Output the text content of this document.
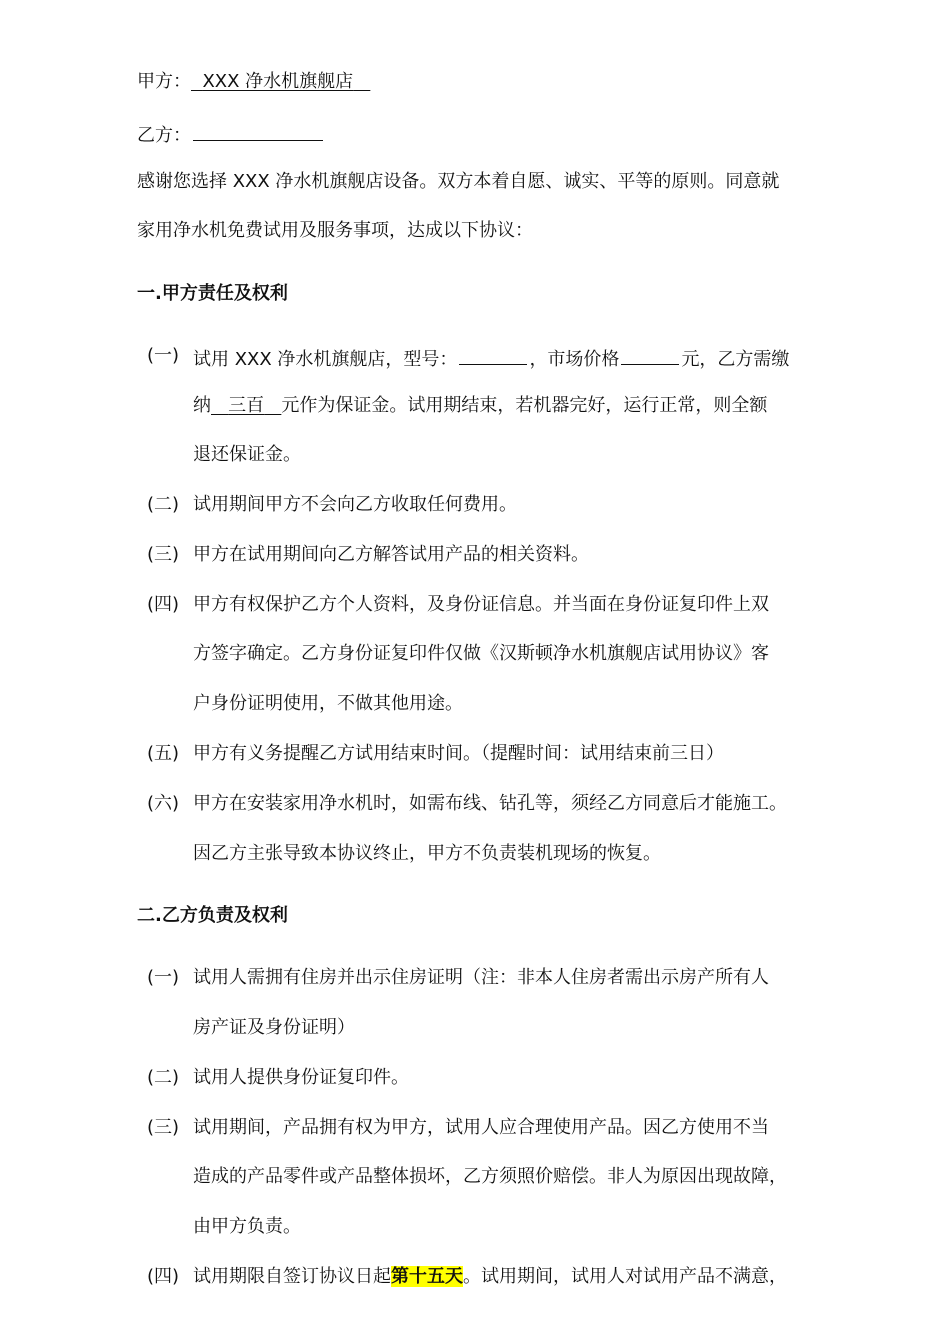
甲方： XXX 净水机旗舰店
乙方：
感谢您选择 XXX 净水机旗舰店设备。双方本着自愿、诚实、平等的原则。同意就
家用净水机免费试用及服务事项，达成以下协议：
一.甲方责任及权利
(一) 试用 XXX 净水机旗舰店，型号：	，市场价格	元，乙方需缴
纳 三百 元作为保证金。试用期结束，若机器完好，运行正常，则全额
退还保证金。
(二) 试用期间甲方不会向乙方收取任何费用。
(三) 甲方在试用期间向乙方解答试用产品的相关资料。
(四) 甲方有权保护乙方个人资料，及身份证信息。并当面在身份证复印件上双
方签字确定。乙方身份证复印件仅做《汉斯顿净水机旗舰店试用协议》客
户身份证明使用，不做其他用途。
(五) 甲方有义务提醒乙方试用结束时间。（提醒时间：试用结束前三日）
(六) 甲方在安装家用净水机时，如需布线、钻孔等，须经乙方同意后才能施工。
因乙方主张导致本协议终止，甲方不负责装机现场的恢复。
二.乙方负责及权利
(一) 试用人需拥有住房并出示住房证明（注：非本人住房者需出示房产所有人
房产证及身份证明）
(二) 试用人提供身份证复印件。
(三) 试用期间，产品拥有权为甲方，试用人应合理使用产品。因乙方使用不当
造成的产品零件或产品整体损坏，乙方须照价赔偿。非人为原因出现故障，
由甲方负责。
(四) 试用期限自签订协议日起第十五天。试用期间，试用人对试用产品不满意，
